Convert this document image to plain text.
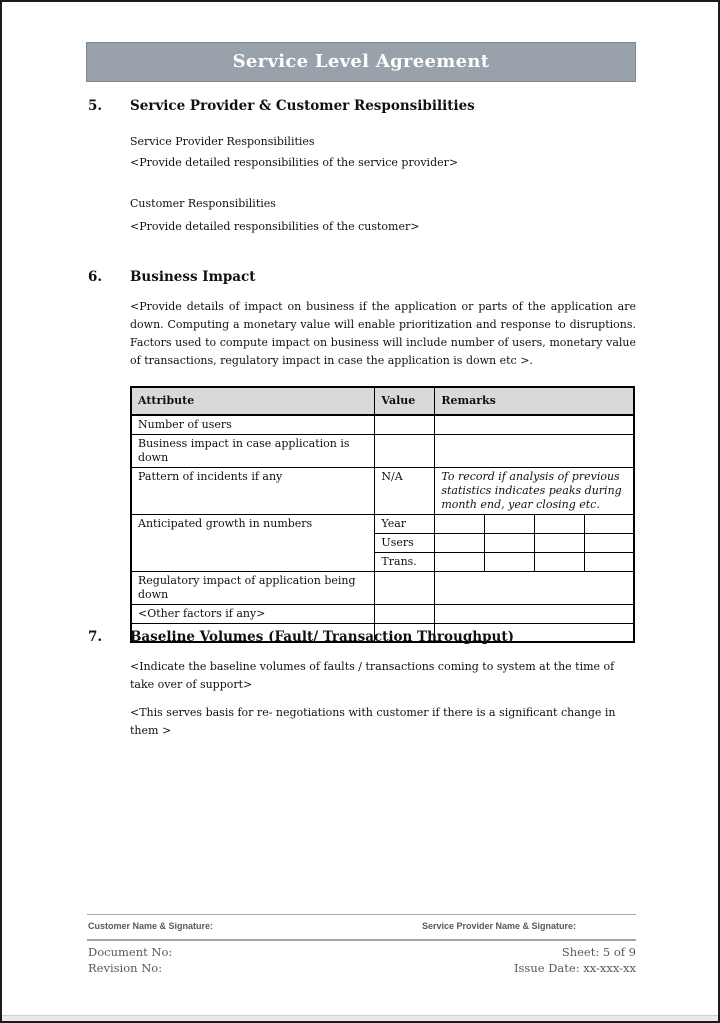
Service Level Agreement
5.	Service Provider & Customer Responsibilities
Service Provider Responsibilities
<Provide detailed responsibilities of the service provider>
Customer Responsibilities
<Provide detailed responsibilities of the customer>
6.	Business Impact
<Provide details of impact on business if the application or parts of the application are down. Computing a monetary value will enable prioritization and response to disruptions. Factors used to compute impact on business will include number of users, monetary value of transactions, regulatory impact in case the application is down etc >.
Attribute	Value	Remarks			
Number of users					
Business impact in case application is down					
Pattern of incidents if any	N/A	To record if analysis of previous statistics indicates peaks during month end, year closing etc.			
Anticipated growth in numbers	Year				
	Users				
	Trans.				
Regulatory impact of application being down					
<Other factors if any>					

7.	Baseline Volumes (Fault/ Transaction Throughput)
<Indicate the baseline volumes of faults / transactions coming to system at the time of take over of support>
<This serves basis for re- negotiations with customer if there is a significant change in them >
Customer Name & Signature:	Service Provider Name & Signature:
Document No:	Sheet: 5 of 9
Revision No:	Issue Date: xx-xxx-xx
